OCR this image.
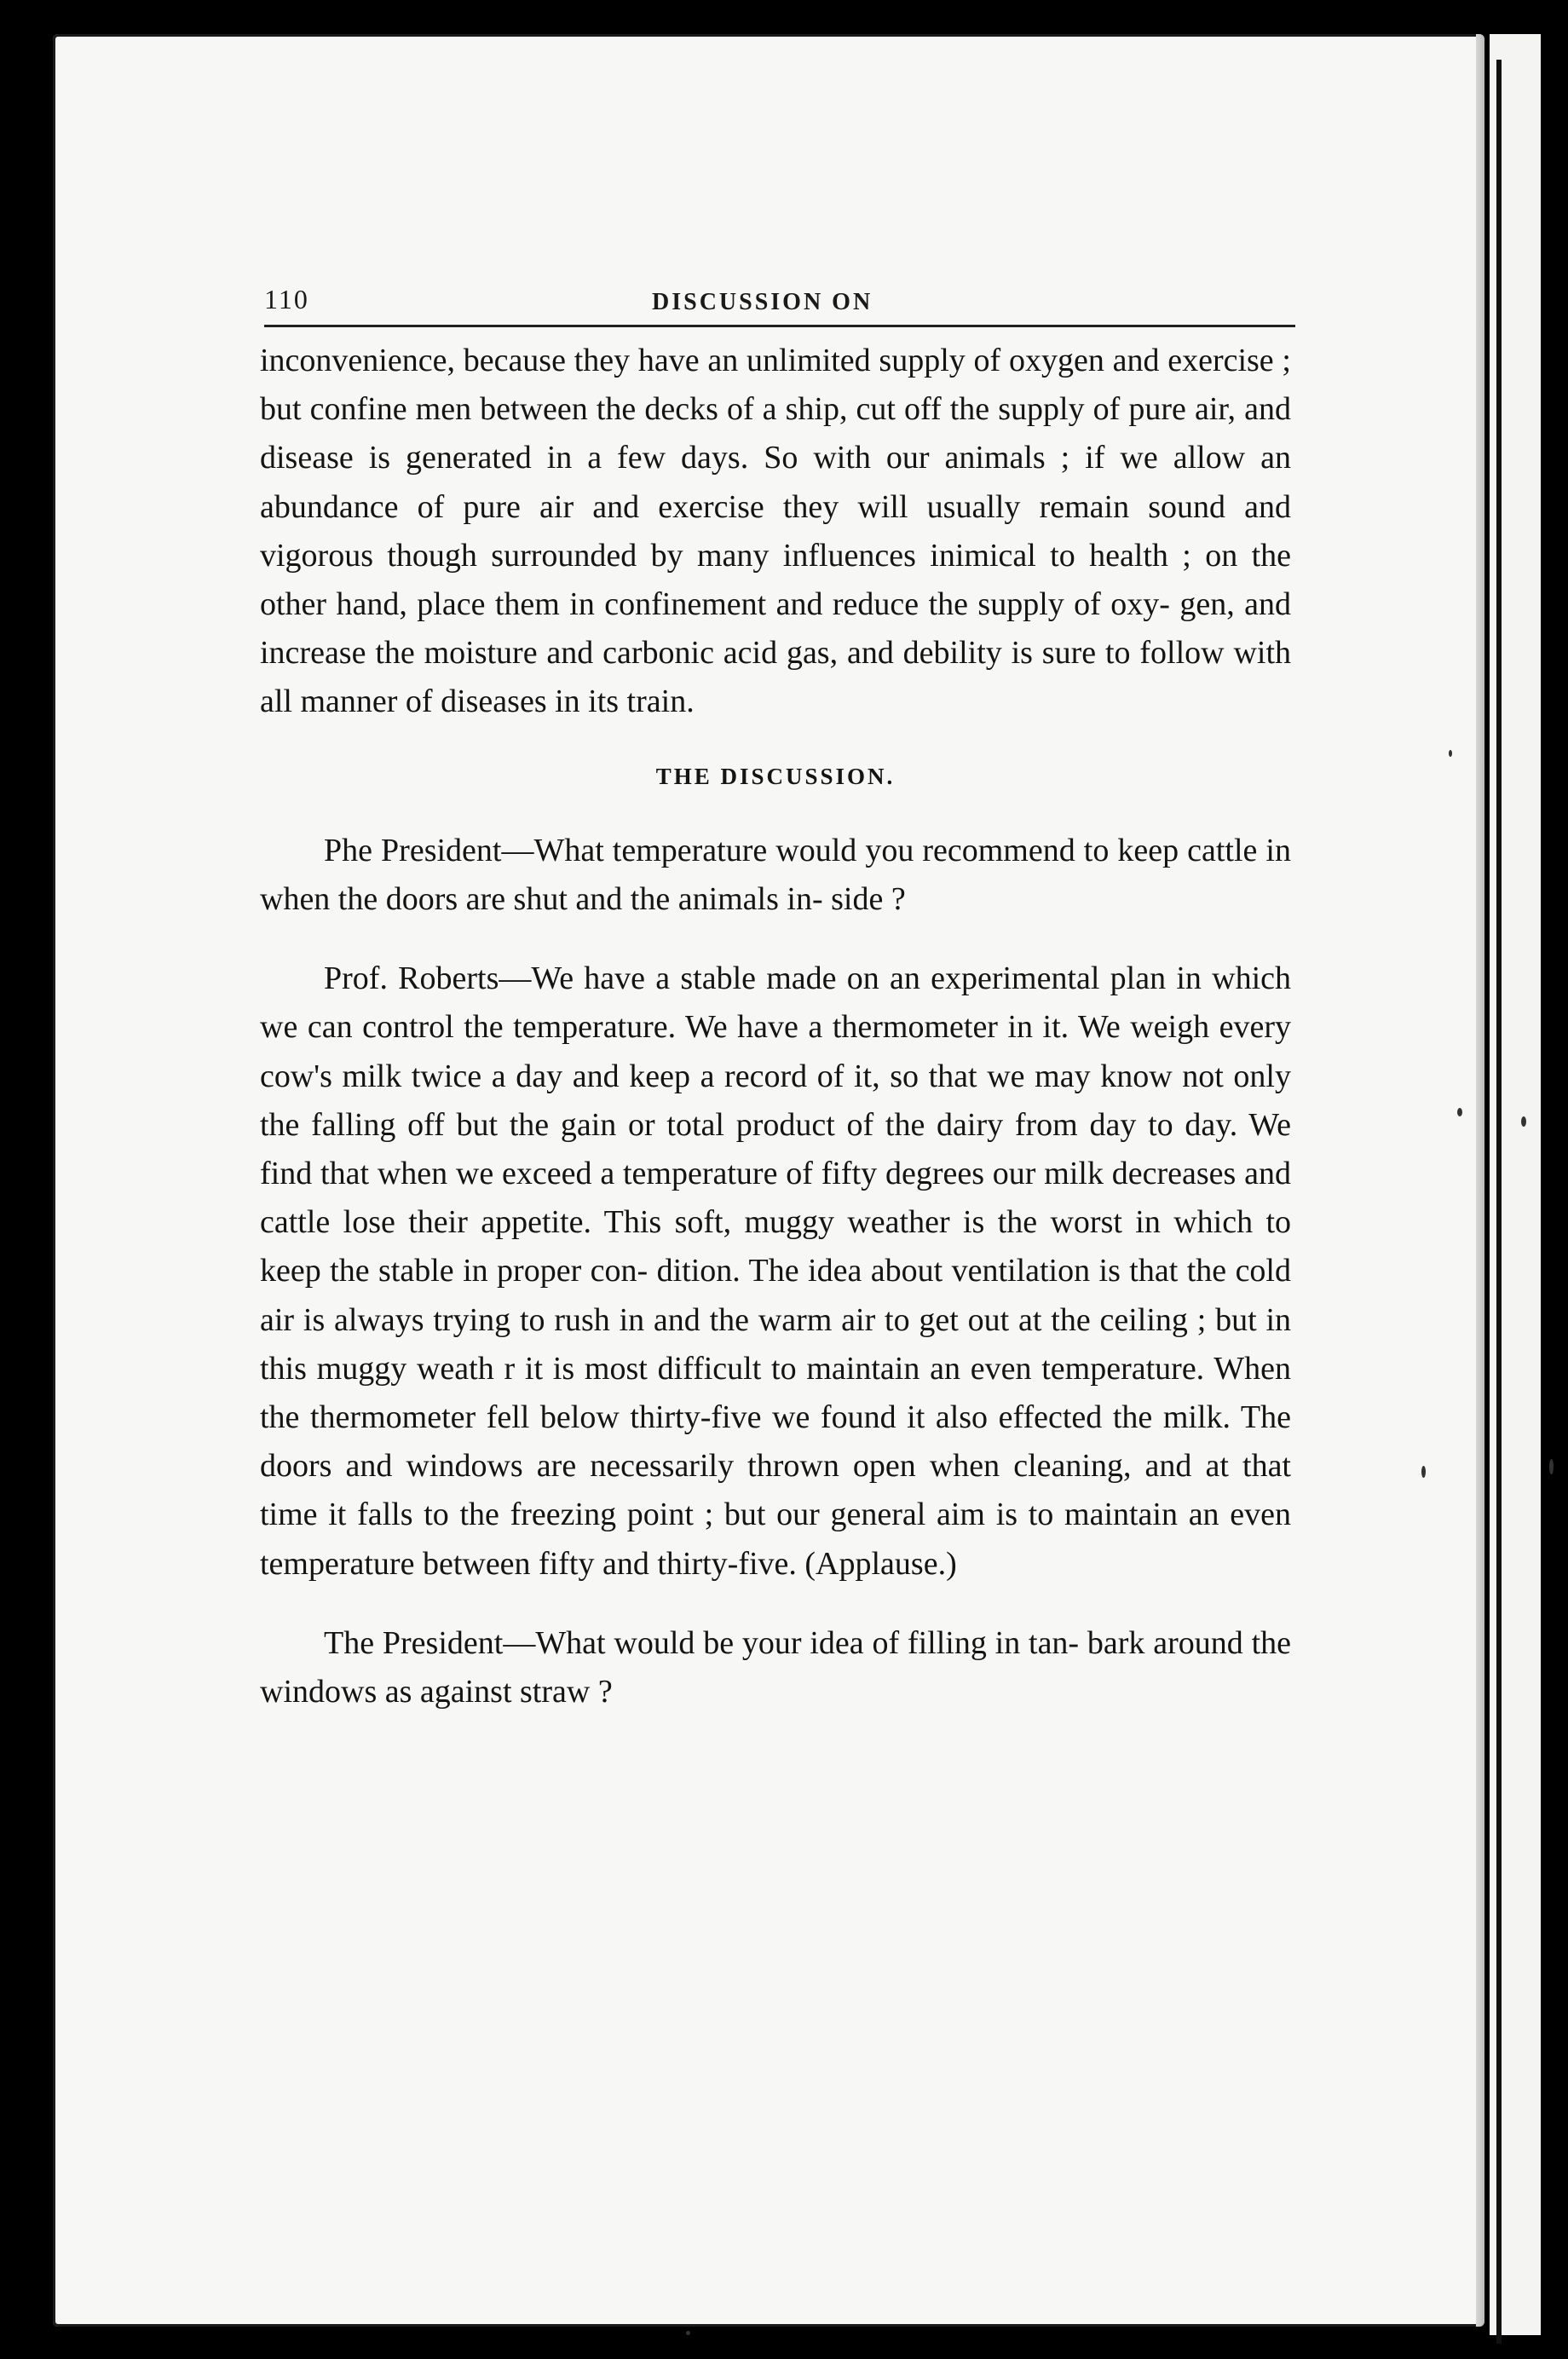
110	DISCUSSION ON

inconvenience, because they have an unlimited supply of oxygen and exercise ; but confine men between the decks of a ship, cut off the supply of pure air, and disease is generated in a few days. So with our animals ; if we allow an abundance of pure air and exercise they will usually remain sound and vigorous though surrounded by many influences inimical to health ; on the other hand, place them in confinement and reduce the supply of oxy- gen, and increase the moisture and carbonic acid gas, and debility is sure to follow with all manner of diseases in its train.

THE DISCUSSION.

Phe President—What temperature would you recommend to keep cattle in when the doors are shut and the animals in- side ?

Prof. Roberts—We have a stable made on an experimental plan in which we can control the temperature. We have a thermometer in it. We weigh every cow's milk twice a day and keep a record of it, so that we may know not only the falling off but the gain or total product of the dairy from day to day. We find that when we exceed a temperature of fifty degrees our milk decreases and cattle lose their appetite. This soft, muggy weather is the worst in which to keep the stable in proper con- dition. The idea about ventilation is that the cold air is always trying to rush in and the warm air to get out at the ceiling ; but in this muggy weath r it is most difficult to maintain an even temperature. When the thermometer fell below thirty-five we found it also effected the milk. The doors and windows are necessarily thrown open when cleaning, and at that time it falls to the freezing point ; but our general aim is to maintain an even temperature between fifty and thirty-five. (Applause.)

The President—What would be your idea of filling in tan- bark around the windows as against straw ?
